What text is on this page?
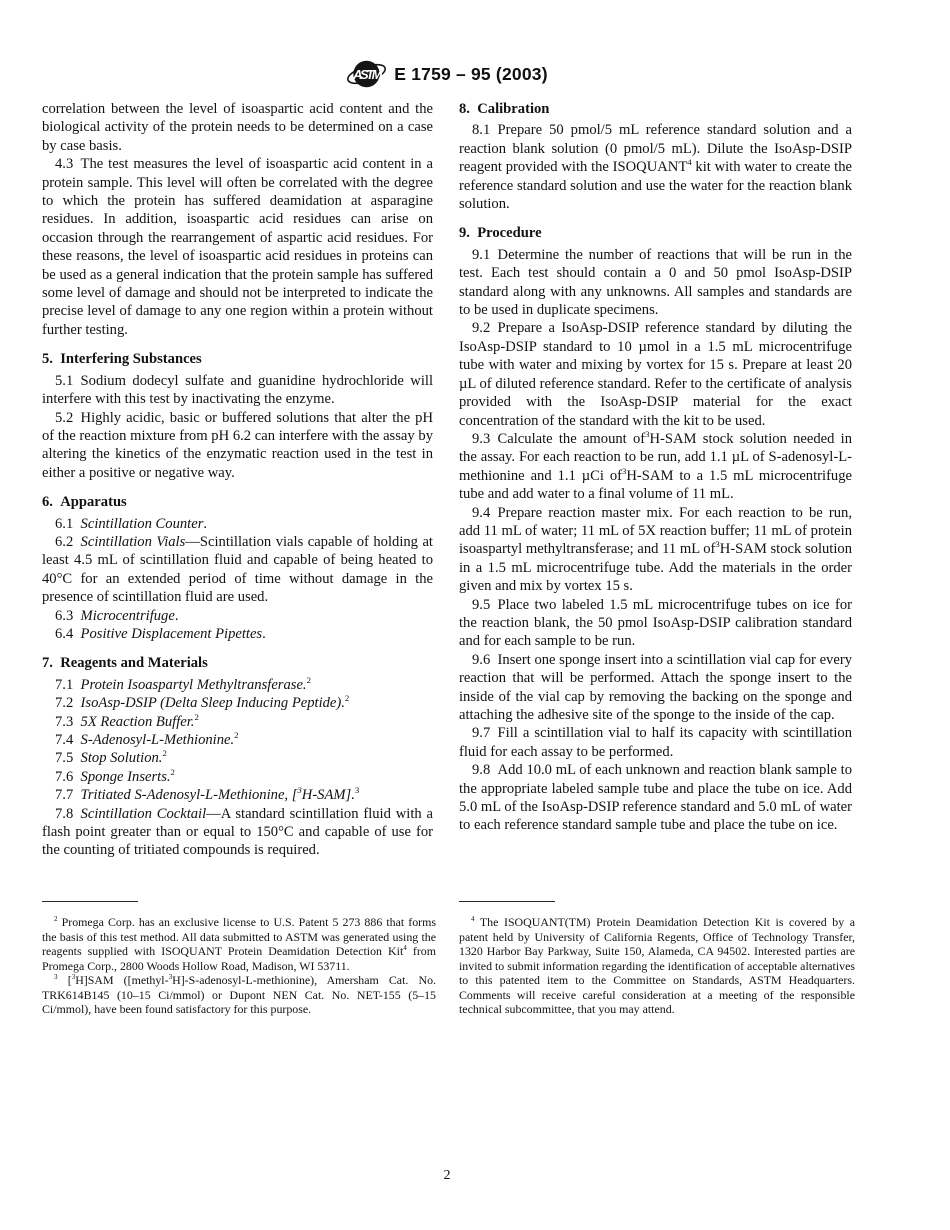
ASTM E 1759 – 95 (2003)

correlation between the level of isoaspartic acid content and the biological activity of the protein needs to be determined on a case by case basis.

4.3 The test measures the level of isoaspartic acid content in a protein sample. This level will often be correlated with the degree to which the protein has suffered deamidation at asparagine residues. In addition, isoaspartic acid residues can arise on occasion through the rearrangement of aspartic acid residues. For these reasons, the level of isoaspartic acid residues in proteins can be used as a general indication that the protein sample has suffered some level of damage and should not be interpreted to indicate the precise level of damage to any one region within a protein without further testing.

5. Interfering Substances

5.1 Sodium dodecyl sulfate and guanidine hydrochloride will interfere with this test by inactivating the enzyme.

5.2 Highly acidic, basic or buffered solutions that alter the pH of the reaction mixture from pH 6.2 can interfere with the assay by altering the kinetics of the enzymatic reaction used in the test in either a positive or negative way.

6. Apparatus

6.1 Scintillation Counter.

6.2 Scintillation Vials—Scintillation vials capable of holding at least 4.5 mL of scintillation fluid and capable of being heated to 40°C for an extended period of time without damage in the presence of scintillation fluid are used.

6.3 Microcentrifuge.

6.4 Positive Displacement Pipettes.

7. Reagents and Materials

7.1 Protein Isoaspartyl Methyltransferase.$^2$

7.2 IsoAsp-DSIP (Delta Sleep Inducing Peptide).$^2$

7.3 5X Reaction Buffer.$^2$

7.4 S-Adenosyl-L-Methionine.$^2$

7.5 Stop Solution.$^2$

7.6 Sponge Inserts.$^2$

7.7 Tritiated S-Adenosyl-L-Methionine, [$^3$H-SAM].$^3$

7.8 Scintillation Cocktail—A standard scintillation fluid with a flash point greater than or equal to 150°C and capable of use for the counting of tritiated compounds is required.

8. Calibration

8.1 Prepare 50 pmol/5 mL reference standard solution and a reaction blank solution (0 pmol/5 mL). Dilute the IsoAsp-DSIP reagent provided with the ISOQUANT$^4$ kit with water to create the reference standard solution and use the water for the reaction blank solution.

9. Procedure

9.1 Determine the number of reactions that will be run in the test. Each test should contain a 0 and 50 pmol IsoAsp-DSIP standard along with any unknowns. All samples and standards are to be used in duplicate specimens.

9.2 Prepare a IsoAsp-DSIP reference standard by diluting the IsoAsp-DSIP standard to 10 µmol in a 1.5 mL microcentrifuge tube with water and mixing by vortex for 15 s. Prepare at least 20 µL of diluted reference standard. Refer to the certificate of analysis provided with the IsoAsp-DSIP material for the exact concentration of the standard with the kit to be used.

9.3 Calculate the amount $of^3H$-SAM stock solution needed in the assay. For each reaction to be run, add 1.1 µL of S-adenosyl-L-methionine and 1.1 µCi $of^3H$-SAM to a 1.5 mL microcentrifuge tube and add water to a final volume of 11 mL.

9.4 Prepare reaction master mix. For each reaction to be run, add 11 mL of water; 11 mL of 5X reaction buffer; 11 mL of protein isoaspartyl methyltransferase; and 11 mL $of^3H$-SAM stock solution in a 1.5 mL microcentrifuge tube. Add the materials in the order given and mix by vortex 15 s.

9.5 Place two labeled 1.5 mL microcentrifuge tubes on ice for the reaction blank, the 50 pmol IsoAsp-DSIP calibration standard and for each sample to be run.

9.6 Insert one sponge insert into a scintillation vial cap for every reaction that will be performed. Attach the sponge insert to the inside of the vial cap by removing the backing on the sponge and attaching the adhesive site of the sponge to the inside of the cap.

9.7 Fill a scintillation vial to half its capacity with scintillation fluid for each assay to be performed.

9.8 Add 10.0 mL of each unknown and reaction blank sample to the appropriate labeled sample tube and place the tube on ice. Add 5.0 mL of the IsoAsp-DSIP reference standard and 5.0 mL of water to each reference standard sample tube and place the tube on ice.

$^2$ Promega Corp. has an exclusive license to U.S. Patent 5 273 886 that forms the basis of this test method. All data submitted to ASTM was generated using the reagents supplied with ISOQUANT Protein Deamidation Detection Kit$^4$ from Promega Corp., 2800 Woods Hollow Road, Madison, WI 53711.

$^3$ [$^3$H]SAM ([methyl-$^3$H]-S-adenosyl-L-methionine), Amersham Cat. No. TRK614B145 (10–15 Ci/mmol) or Dupont NEN Cat. No. NET-155 (5–15 Ci/mmol), have been found satisfactory for this purpose.

$^4$ The ISOQUANT(TM) Protein Deamidation Detection Kit is covered by a patent held by University of California Regents, Office of Technology Transfer, 1320 Harbor Bay Parkway, Suite 150, Alameda, CA 94502. Interested parties are invited to submit information regarding the identification of acceptable alternatives to this patented item to the Committee on Standards, ASTM Headquarters. Comments will receive careful consideration at a meeting of the responsible technical subcommittee, that you may attend.

2
